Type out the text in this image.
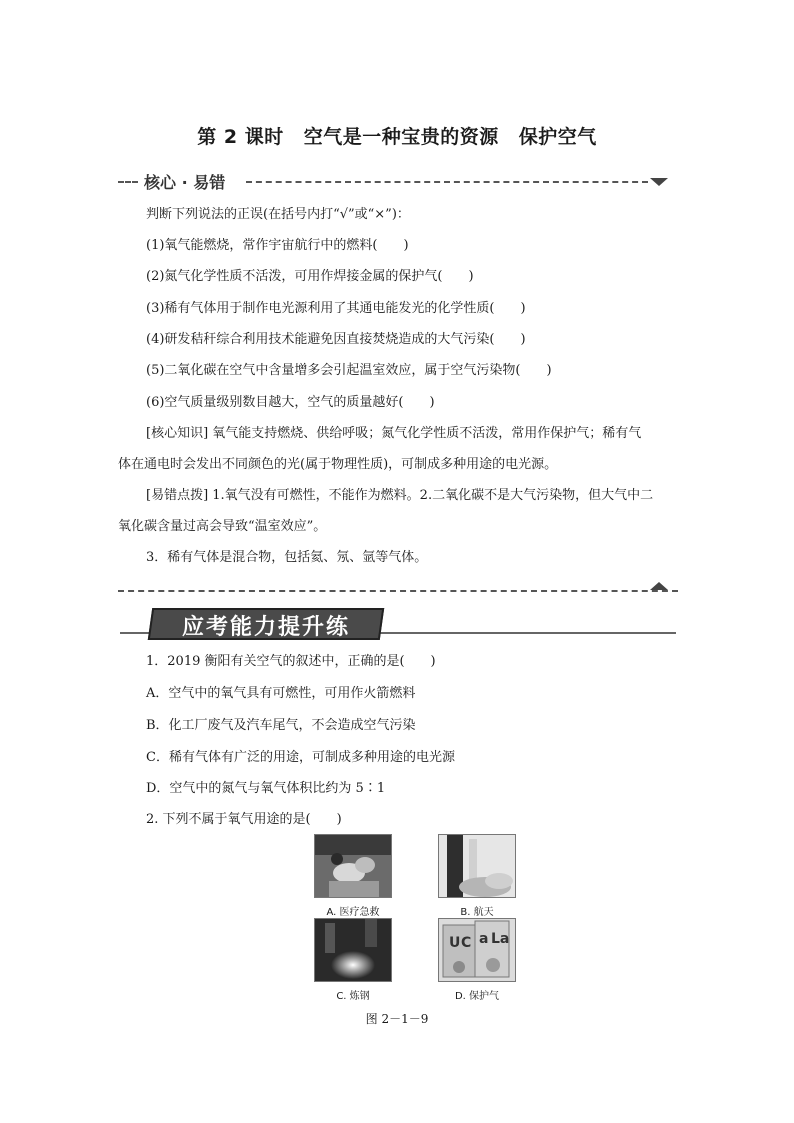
第 2 课时 空气是一种宝贵的资源 保护空气
核心 · 易错
判断下列说法的正误(在括号内打“√”或“×”)：
(1)氧气能燃烧，常作宇宙航行中的燃料(　　)
(2)氮气化学性质不活泼，可用作焊接金属的保护气(　　)
(3)稀有气体用于制作电光源利用了其通电能发光的化学性质(　　)
(4)研发秸秆综合利用技术能避免因直接焚烧造成的大气污染(　　)
(5)二氧化碳在空气中含量增多会引起温室效应，属于空气污染物(　　)
(6)空气质量级别数目越大，空气的质量越好(　　)
[核心知识] 氧气能支持燃烧、供给呼吸；氮气化学性质不活泼，常用作保护气；稀有气
体在通电时会发出不同颜色的光(属于物理性质)，可制成多种用途的电光源。
[易错点拨] 1.氧气没有可燃性，不能作为燃料。2.二氧化碳不是大气污染物，但大气中二
氧化碳含量过高会导致“温室效应”。
3．稀有气体是混合物，包括氦、氖、氩等气体。
应考能力提升练
1．2019 衡阳有关空气的叙述中，正确的是(　　)
A．空气中的氧气具有可燃性，可用作火箭燃料
B．化工厂废气及汽车尾气，不会造成空气污染
C．稀有气体有广泛的用途，可制成多种用途的电光源
D．空气中的氮气与氧气体积比约为 5∶1
2. 下列不属于氧气用途的是(　　)
A. 医疗急救	B. 航天
C. 炼钢
U C a La
D. 保护气
图 2－1－9
